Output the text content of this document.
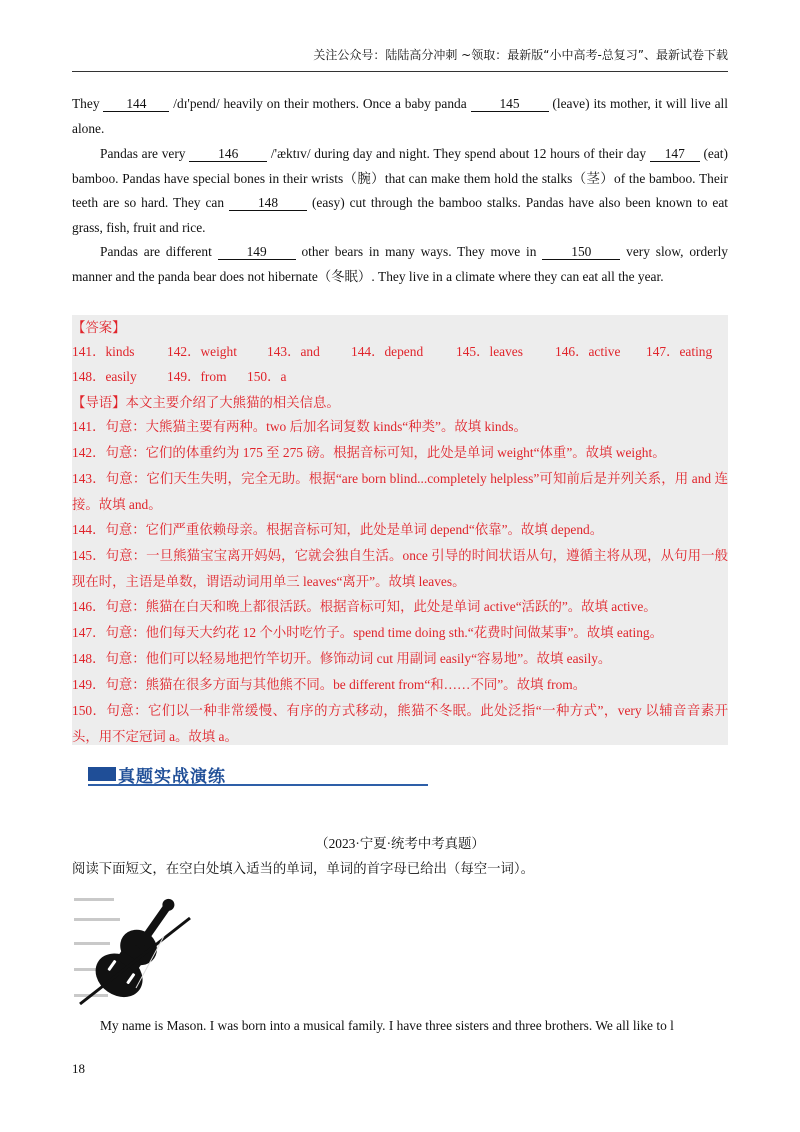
关注公众号：陆陆高分冲刺 ~领取：最新版“小中高考-总复习”、最新试卷下载
They 144 /dɪ'pend/ heavily on their mothers. Once a baby panda 145 (leave) its mother, it will live all alone.
Pandas are very 146 /'æktɪv/ during day and night. They spend about 12 hours of their day 147 (eat) bamboo. Pandas have special bones in their wrists（腕）that can make them hold the stalks（茎）of the bamboo. Their teeth are so hard. They can 148 (easy) cut through the bamboo stalks. Pandas have also been known to eat grass, fish, fruit and rice.
Pandas are different 149 other bears in many ways. They move in 150 very slow, orderly manner and the panda bear does not hibernate（冬眠）. They live in a climate where they can eat all the year.
【答案】
141．kinds 142．weight 143．and 144．depend 145．leaves 146．active 147．eating
148．easily 149．from 150．a
【导语】本文主要介绍了大熊猫的相关信息。
141．句意：大熊猫主要有两种。two 后加名词复数 kinds“种类”。故填 kinds。
142．句意：它们的体重约为 175 至 275 磅。根据音标可知，此处是单词 weight“体重”。故填 weight。
143．句意：它们天生失明，完全无助。根据“are born blind...completely helpless”可知前后是并列关系，用 and 连接。故填 and。
144．句意：它们严重依赖母亲。根据音标可知，此处是单词 depend“依靠”。故填 depend。
145．句意：一旦熊猫宝宝离开妈妈，它就会独自生活。once 引导的时间状语从句，遵循主将从现，从句用一般现在时，主语是单数，谓语动词用单三 leaves“离开”。故填 leaves。
146．句意：熊猫在白天和晚上都很活跃。根据音标可知，此处是单词 active“活跃的”。故填 active。
147．句意：他们每天大约花 12 个小时吃竹子。spend time doing sth.“花费时间做某事”。故填 eating。
148．句意：他们可以轻易地把竹竿切开。修饰动词 cut 用副词 easily“容易地”。故填 easily。
149．句意：熊猫在很多方面与其他熊不同。be different from“和……不同”。故填 from。
150．句意：它们以一种非常缓慢、有序的方式移动，熊猫不冬眠。此处泛指“一种方式”，very 以辅音音素开头，用不定冠词 a。故填 a。
真题实战演练
（2023·宁夏·统考中考真题）
阅读下面短文，在空白处填入适当的单词，单词的首字母已给出（每空一词）。
My name is Mason. I was born into a musical family. I have three sisters and three brothers. We all like to l
18
